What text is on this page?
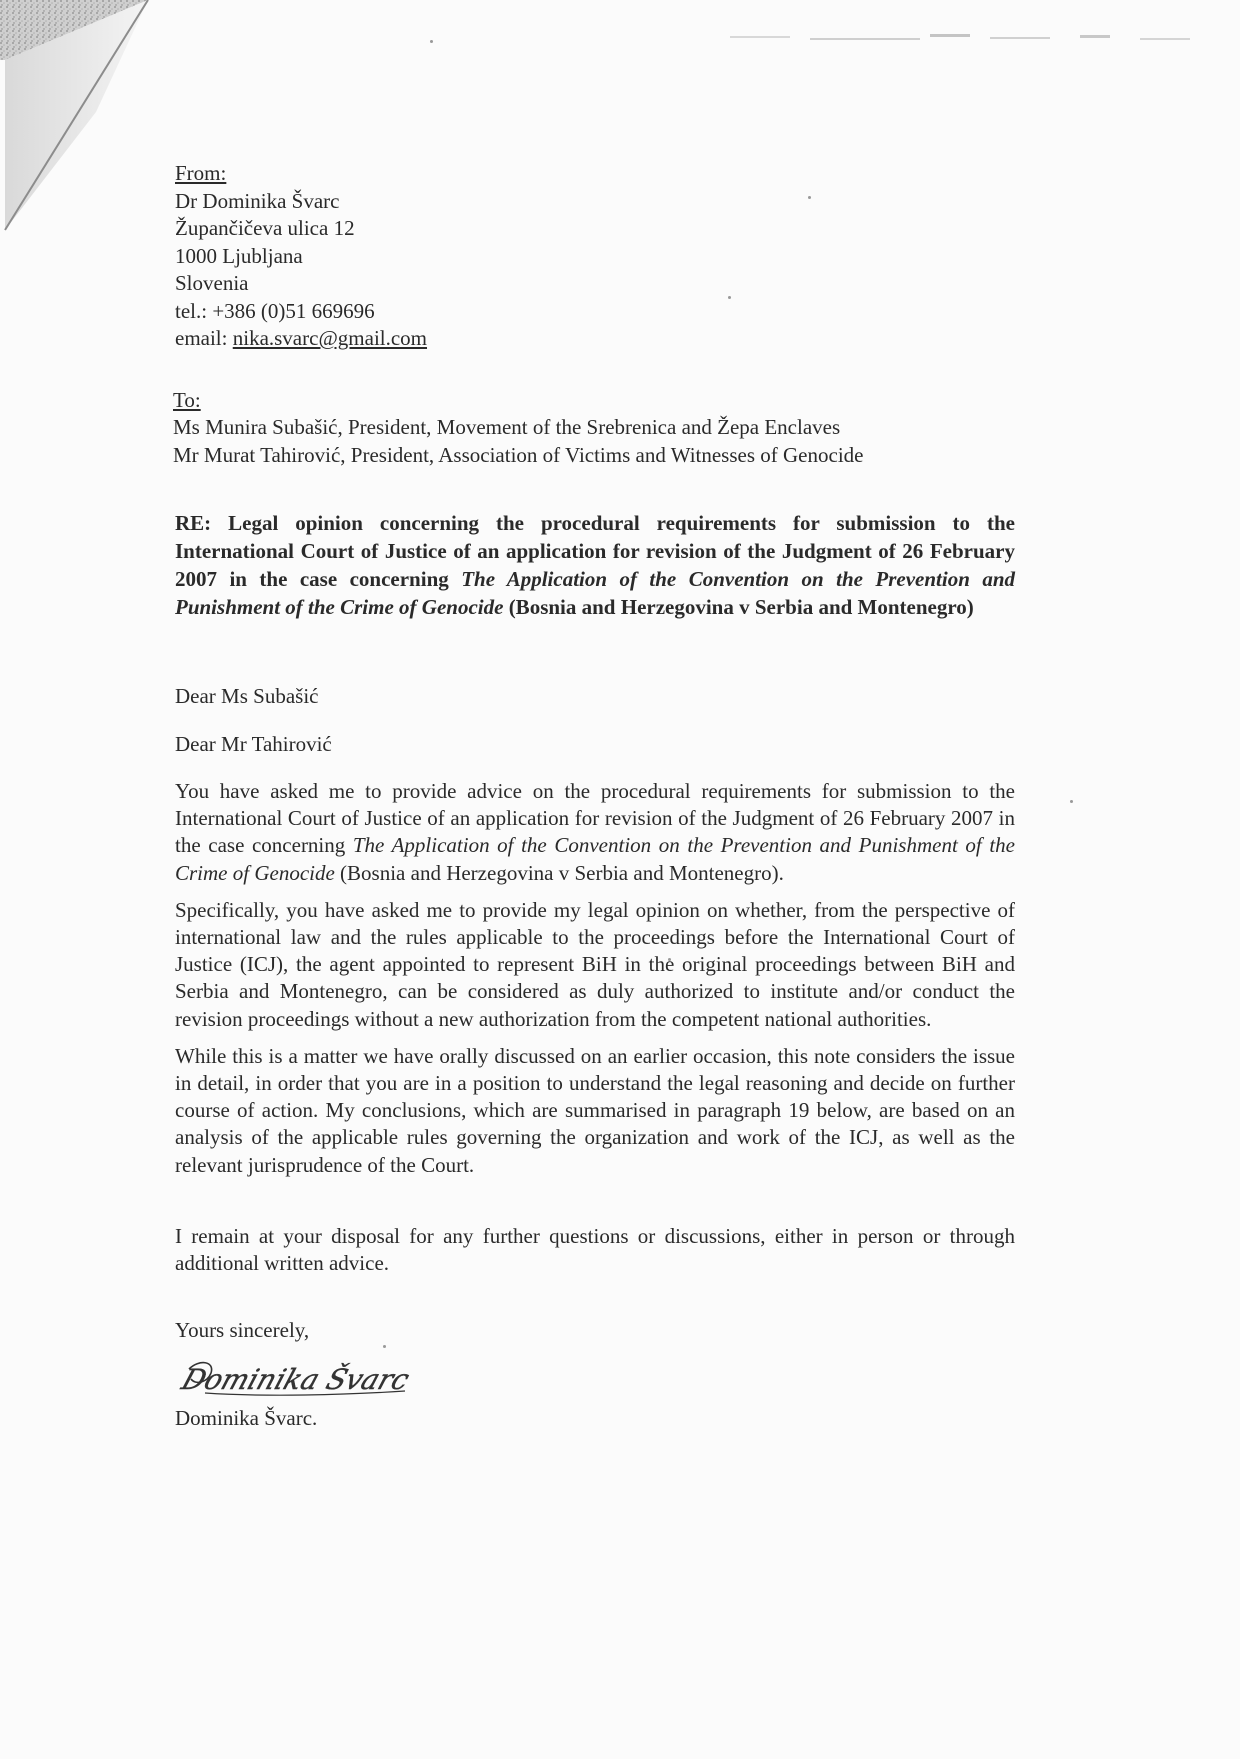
From:
Dr Dominika Švarc
Župančičeva ulica 12
1000 Ljubljana
Slovenia
tel.: +386 (0)51 669696
email: nika.svarc@gmail.com
To:
Ms Munira Subašić, President, Movement of the Srebrenica and Žepa Enclaves
Mr Murat Tahirović, President, Association of Victims and Witnesses of Genocide
RE: Legal opinion concerning the procedural requirements for submission to the International Court of Justice of an application for revision of the Judgment of 26 February 2007 in the case concerning The Application of the Convention on the Prevention and Punishment of the Crime of Genocide (Bosnia and Herzegovina v Serbia and Montenegro)

Dear Ms Subašić

Dear Mr Tahirović

You have asked me to provide advice on the procedural requirements for submission to the International Court of Justice of an application for revision of the Judgment of 26 February 2007 in the case concerning The Application of the Convention on the Prevention and Punishment of the Crime of Genocide (Bosnia and Herzegovina v Serbia and Montenegro).

Specifically, you have asked me to provide my legal opinion on whether, from the perspective of international law and the rules applicable to the proceedings before the International Court of Justice (ICJ), the agent appointed to represent BiH in the original proceedings between BiH and Serbia and Montenegro, can be considered as duly authorized to institute and/or conduct the revision proceedings without a new authorization from the competent national authorities.

While this is a matter we have orally discussed on an earlier occasion, this note considers the issue in detail, in order that you are in a position to understand the legal reasoning and decide on further course of action. My conclusions, which are summarised in paragraph 19 below, are based on an analysis of the applicable rules governing the organization and work of the ICJ, as well as the relevant jurisprudence of the Court.

I remain at your disposal for any further questions or discussions, either in person or through additional written advice.

Yours sincerely,

Dominika Švarc
Dominika Švarc.
